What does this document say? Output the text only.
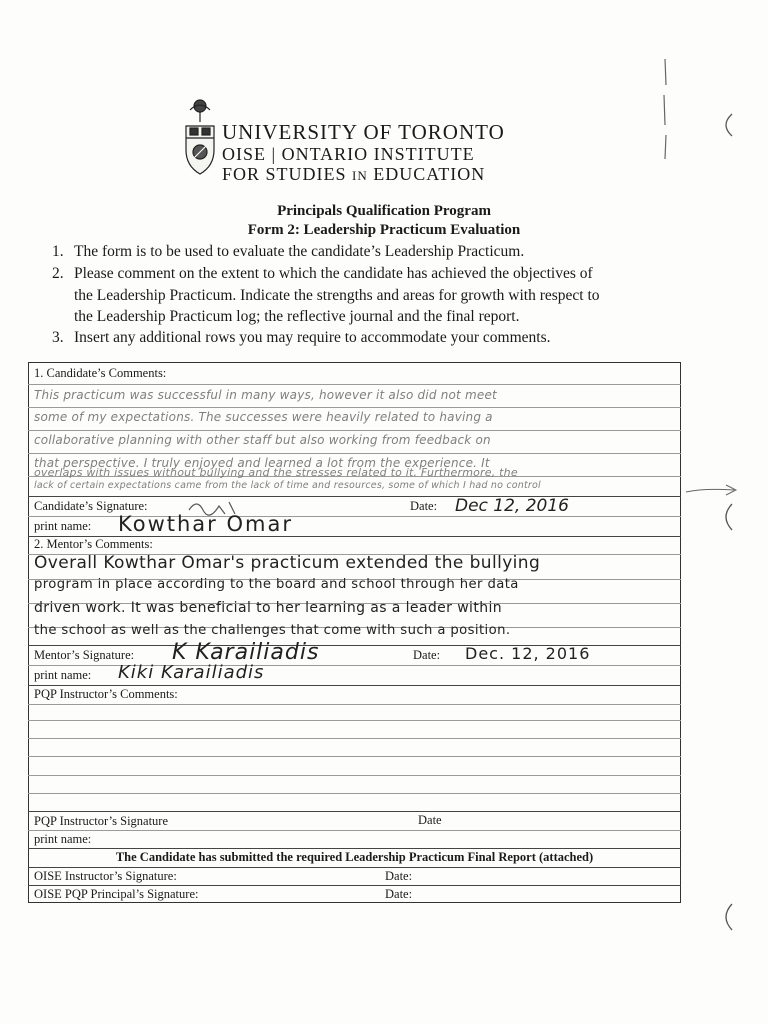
UNIVERSITY OF TORONTO
OISE | ONTARIO INSTITUTE
FOR STUDIES IN EDUCATION
Principals Qualification Program
Form 2: Leadership Practicum Evaluation
1. The form is to be used to evaluate the candidate’s Leadership Practicum.
2. Please comment on the extent to which the candidate has achieved the objectives of
the Leadership Practicum. Indicate the strengths and areas for growth with respect to
the Leadership Practicum log; the reflective journal and the final report.
3. Insert any additional rows you may require to accommodate your comments.
1. Candidate’s Comments:
This practicum was successful in many ways, however it also did not meet
some of my expectations. The successes were heavily related to having a
collaborative planning with other staff but also working from feedback on
that perspective. I truly enjoyed and learned a lot from the experience. It
overlaps with issues without bullying and the stresses related to it. Furthermore, the
lack of certain expectations came from the lack of time and resources, some of which I had no control
Candidate’s Signature:	Date: Dec 12, 2016
print name: Kowthar Omar
2. Mentor’s Comments:
Overall Kowthar Omar's practicum extended the bullying
program in place according to the board and school through her data
driven work. It was beneficial to her learning as a leader within
the school as well as the challenges that come with such a position.
Mentor’s Signature: K Karailiadis	Date: Dec. 12, 2016
print name: Kiki Karailiadis
PQP Instructor’s Comments:
PQP Instructor’s Signature	Date
print name:
The Candidate has submitted the required Leadership Practicum Final Report (attached)
OISE Instructor’s Signature:	Date:
OISE PQP Principal’s Signature:	Date:
